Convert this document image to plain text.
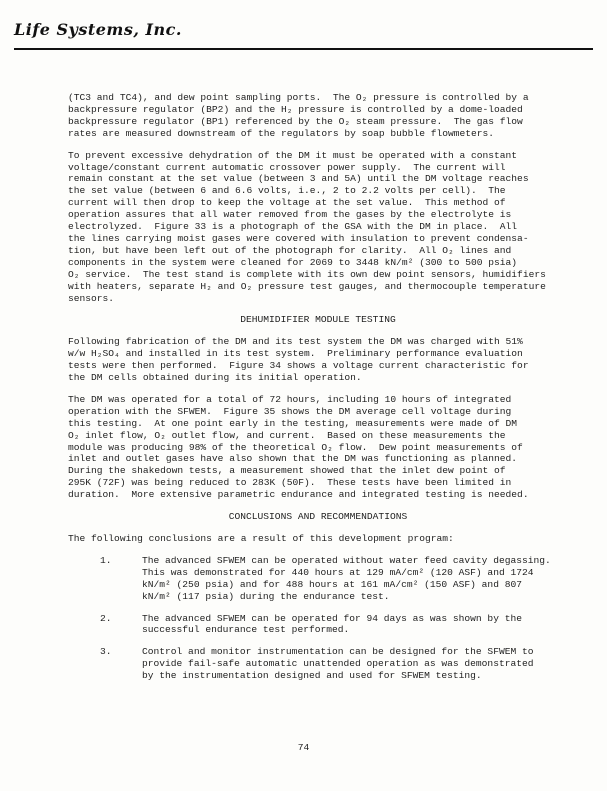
Life Systems, Inc.

(TC3 and TC4), and dew point sampling ports.  The O₂ pressure is controlled by a
backpressure regulator (BP2) and the H₂ pressure is controlled by a dome-loaded
backpressure regulator (BP1) referenced by the O₂ steam pressure.  The gas flow
rates are measured downstream of the regulators by soap bubble flowmeters.

To prevent excessive dehydration of the DM it must be operated with a constant
voltage/constant current automatic crossover power supply.  The current will
remain constant at the set value (between 3 and 5A) until the DM voltage reaches
the set value (between 6 and 6.6 volts, i.e., 2 to 2.2 volts per cell).  The
current will then drop to keep the voltage at the set value.  This method of
operation assures that all water removed from the gases by the electrolyte is
electrolyzed.  Figure 33 is a photograph of the GSA with the DM in place.  All
the lines carrying moist gases were covered with insulation to prevent condensa-
tion, but have been left out of the photograph for clarity.  All O₂ lines and
components in the system were cleaned for 2069 to 3448 kN/m² (300 to 500 psia)
O₂ service.  The test stand is complete with its own dew point sensors, humidifiers
with heaters, separate H₂ and O₂ pressure test gauges, and thermocouple temperature
sensors.

DEHUMIDIFIER MODULE TESTING

Following fabrication of the DM and its test system the DM was charged with 51%
w/w H₂SO₄ and installed in its test system.  Preliminary performance evaluation
tests were then performed.  Figure 34 shows a voltage current characteristic for
the DM cells obtained during its initial operation.

The DM was operated for a total of 72 hours, including 10 hours of integrated
operation with the SFWEM.  Figure 35 shows the DM average cell voltage during
this testing.  At one point early in the testing, measurements were made of DM
O₂ inlet flow, O₂ outlet flow, and current.  Based on these measurements the
module was producing 98% of the theoretical O₂ flow.  Dew point measurements of
inlet and outlet gases have also shown that the DM was functioning as planned.
During the shakedown tests, a measurement showed that the inlet dew point of
295K (72F) was being reduced to 283K (50F).  These tests have been limited in
duration.  More extensive parametric endurance and integrated testing is needed.

CONCLUSIONS AND RECOMMENDATIONS

The following conclusions are a result of this development program:

1.	The advanced SFWEM can be operated without water feed cavity degassing.
This was demonstrated for 440 hours at 129 mA/cm² (120 ASF) and 1724
kN/m² (250 psia) and for 488 hours at 161 mA/cm² (150 ASF) and 807
kN/m² (117 psia) during the endurance test.
2.	The advanced SFWEM can be operated for 94 days as was shown by the
successful endurance test performed.
3.	Control and monitor instrumentation can be designed for the SFWEM to
provide fail-safe automatic unattended operation as was demonstrated
by the instrumentation designed and used for SFWEM testing.
74
